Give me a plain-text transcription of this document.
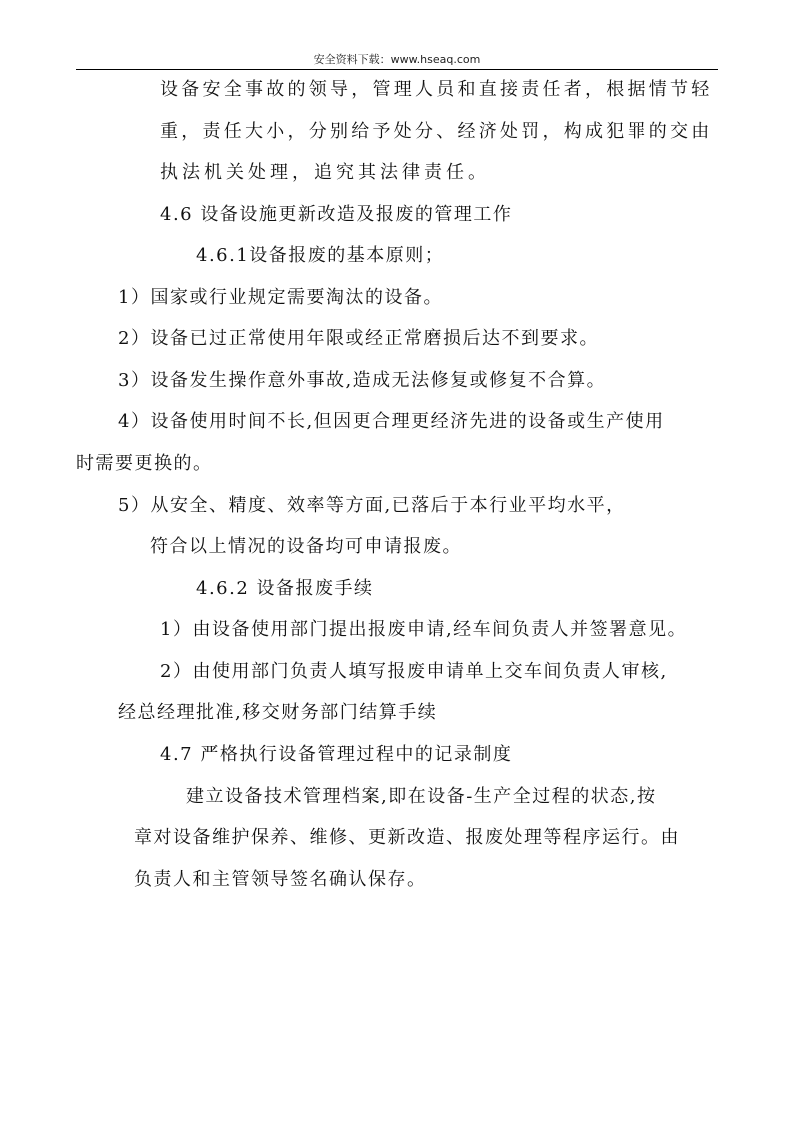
安全资料下载：www.hseaq.com
设备安全事故的领导，管理人员和直接责任者，根据情节轻
重，责任大小，分别给予处分、经济处罚，构成犯罪的交由
执法机关处理，追究其法律责任。
4.6 设备设施更新改造及报废的管理工作
4.6.1设备报废的基本原则；
1）国家或行业规定需要淘汰的设备。
2）设备已过正常使用年限或经正常磨损后达不到要求。
3）设备发生操作意外事故,造成无法修复或修复不合算。
4）设备使用时间不长,但因更合理更经济先进的设备或生产使用
时需要更换的。
5）从安全、精度、效率等方面,已落后于本行业平均水平，
符合以上情况的设备均可申请报废。
4.6.2 设备报废手续
1）由设备使用部门提出报废申请,经车间负责人并签署意见。
2）由使用部门负责人填写报废申请单上交车间负责人审核,
经总经理批准,移交财务部门结算手续
4.7 严格执行设备管理过程中的记录制度
建立设备技术管理档案,即在设备-生产全过程的状态,按
章对设备维护保养、维修、更新改造、报废处理等程序运行。由
负责人和主管领导签名确认保存。
